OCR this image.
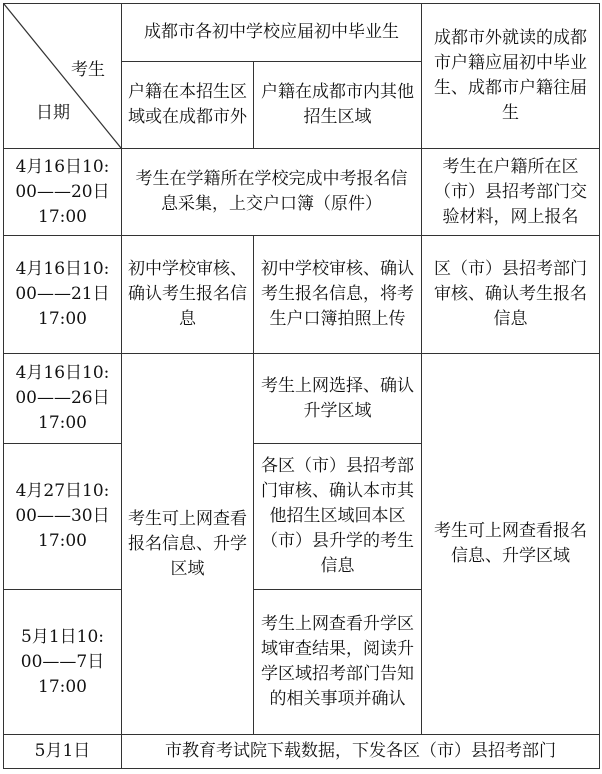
考生
日期	成都市各初中学校应届初中毕业生		成都市外就读的成都市户籍应届初中毕业生、成都市户籍往届生
	户籍在本招生区域或在成都市外	户籍在成都市内其他招生区域	

4月16日10:
00——20日
17:00	考生在学籍所在学校完成中考报名信息采集，上交户口簿（原件）		考生在户籍所在区（市）县招考部门交验材料，网上报名

4月16日10:
00——21日
17:00	初中学校审核、确认考生报名信息	初中学校审核、确认考生报名信息，将考生户口簿拍照上传	区（市）县招考部门审核、确认考生报名信息

4月16日10:
00——26日
17:00	考生可上网查看报名信息、升学区域	考生上网选择、确认升学区域	考生可上网查看报名信息、升学区域

4月27日10:
00——30日
17:00		各区（市）县招考部门审核、确认本市其他招生区域回本区（市）县升学的考生信息	

5月1日10:
00——7日
17:00		考生上网查看升学区域审查结果，阅读升学区域招考部门告知的相关事项并确认	
5月1日	市教育考试院下载数据，下发各区（市）县招考部门		
